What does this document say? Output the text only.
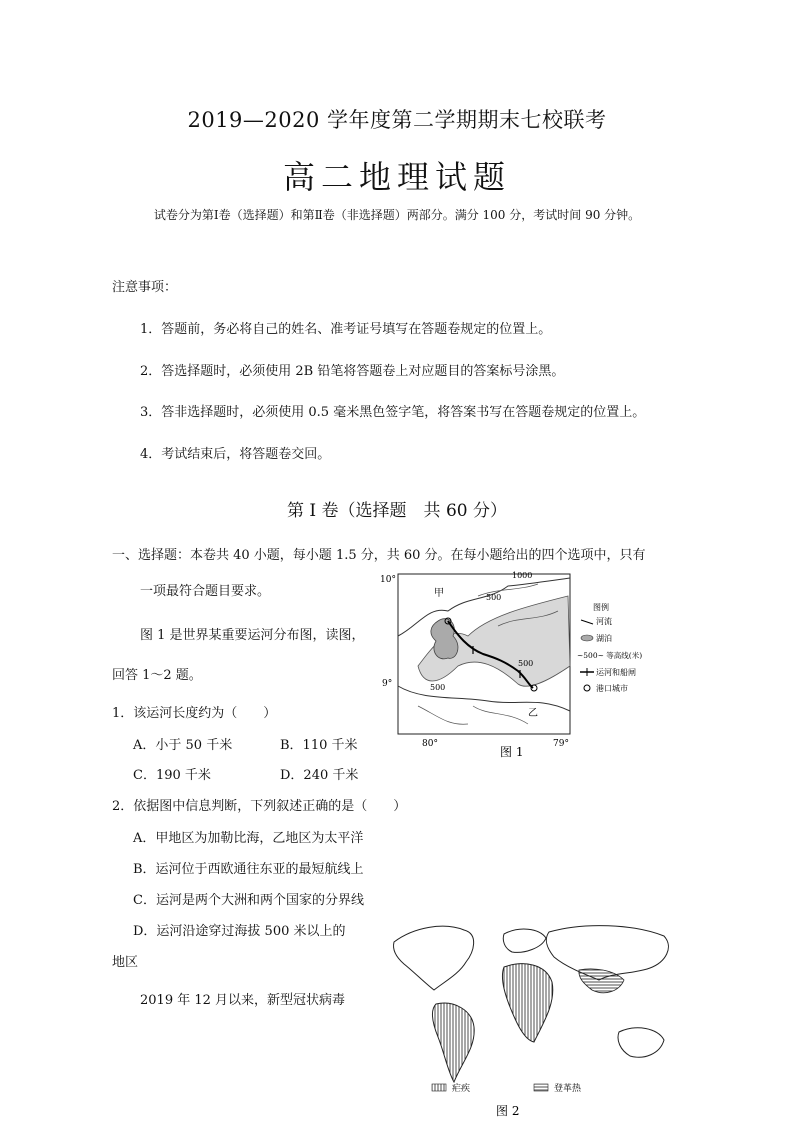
2019—2020 学年度第二学期期末七校联考
高二地理试题
试卷分为第Ⅰ卷（选择题）和第Ⅱ卷（非选择题）两部分。满分 100 分，考试时间 90 分钟。
注意事项：
1．答题前，务必将自己的姓名、准考证号填写在答题卷规定的位置上。
2．答选择题时，必须使用 2B 铅笔将答题卷上对应题目的答案标号涂黑。
3．答非选择题时，必须使用 0.5 毫米黑色签字笔，将答案书写在答题卷规定的位置上。
4．考试结束后，将答题卷交回。
第 I 卷（选择题　共 60 分）
一、选择题：本卷共 40 小题，每小题 1.5 分，共 60 分。在每小题给出的四个选项中，只有
一项最符合题目要求。
图 1 是世界某重要运河分布图，读图，
回答 1～2 题。
1．该运河长度约为（　　）
A．小于 50 千米	B．110 千米
C．190 千米	D．240 千米
2．依据图中信息判断，下列叙述正确的是（　　）
A．甲地区为加勒比海，乙地区为太平洋
B．运河位于西欧通往东亚的最短航线上
C．运河是两个大洲和两个国家的分界线
D．运河沿途穿过海拔 500 米以上的
地区
2019 年 12 月以来，新型冠状病毒
10°
9°
80°	79°
甲
乙
1000
500
500
500
图例
河流
湖泊
~500~ 等高线(米)
运河和船闸
港口城市
图 1
疟疾	登革热
图 2
